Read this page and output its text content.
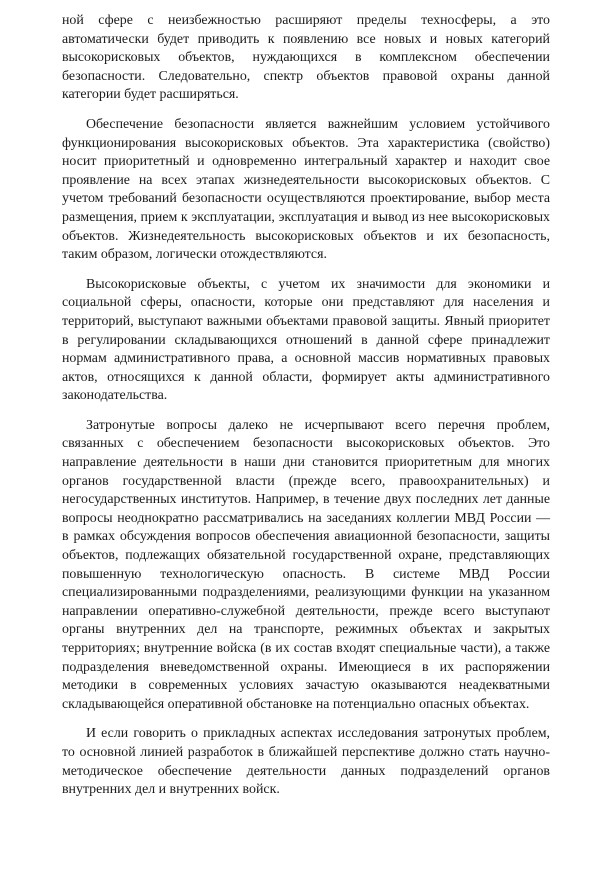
ной сфере с неизбежностью расширяют пределы техносферы, а это автоматически будет приводить к появлению все новых и новых категорий высокорисковых объектов, нуждающихся в комплексном обеспечении безопасности. Следовательно, спектр объектов правовой охраны данной категории будет расширяться.

Обеспечение безопасности является важнейшим условием устойчивого функционирования высокорисковых объектов. Эта характеристика (свойство) носит приоритетный и одновременно интегральный характер и находит свое проявление на всех этапах жизнедеятельности высокорисковых объектов. С учетом требований безопасности осуществляются проектирование, выбор места размещения, прием к эксплуатации, эксплуатация и вывод из нее высокорисковых объектов. Жизнедеятельность высокорисковых объектов и их безопасность, таким образом, логически отождествляются.

Высокорисковые объекты, с учетом их значимости для экономики и социальной сферы, опасности, которые они представляют для населения и территорий, выступают важными объектами правовой защиты. Явный приоритет в регулировании складывающихся отношений в данной сфере принадлежит нормам административного права, а основной массив нормативных правовых актов, относящихся к данной области, формирует акты административного законодательства.

Затронутые вопросы далеко не исчерпывают всего перечня проблем, связанных с обеспечением безопасности высокорисковых объектов. Это направление деятельности в наши дни становится приоритетным для многих органов государственной власти (прежде всего, правоохранительных) и негосударственных институтов. Например, в течение двух последних лет данные вопросы неоднократно рассматривались на заседаниях коллегии МВД России — в рамках обсуждения вопросов обеспечения авиационной безопасности, защиты объектов, подлежащих обязательной государственной охране, представляющих повышенную технологическую опасность. В системе МВД России специализированными подразделениями, реализующими функции на указанном направлении оперативно-служебной деятельности, прежде всего выступают органы внутренних дел на транспорте, режимных объектах и закрытых территориях; внутренние войска (в их состав входят специальные части), а также подразделения вневедомственной охраны. Имеющиеся в их распоряжении методики в современных условиях зачастую оказываются неадекватными складывающейся оперативной обстановке на потенциально опасных объектах.

И если говорить о прикладных аспектах исследования затронутых проблем, то основной линией разработок в ближайшей перспективе должно стать научно-методическое обеспечение деятельности данных подразделений органов внутренних дел и внутренних войск.
